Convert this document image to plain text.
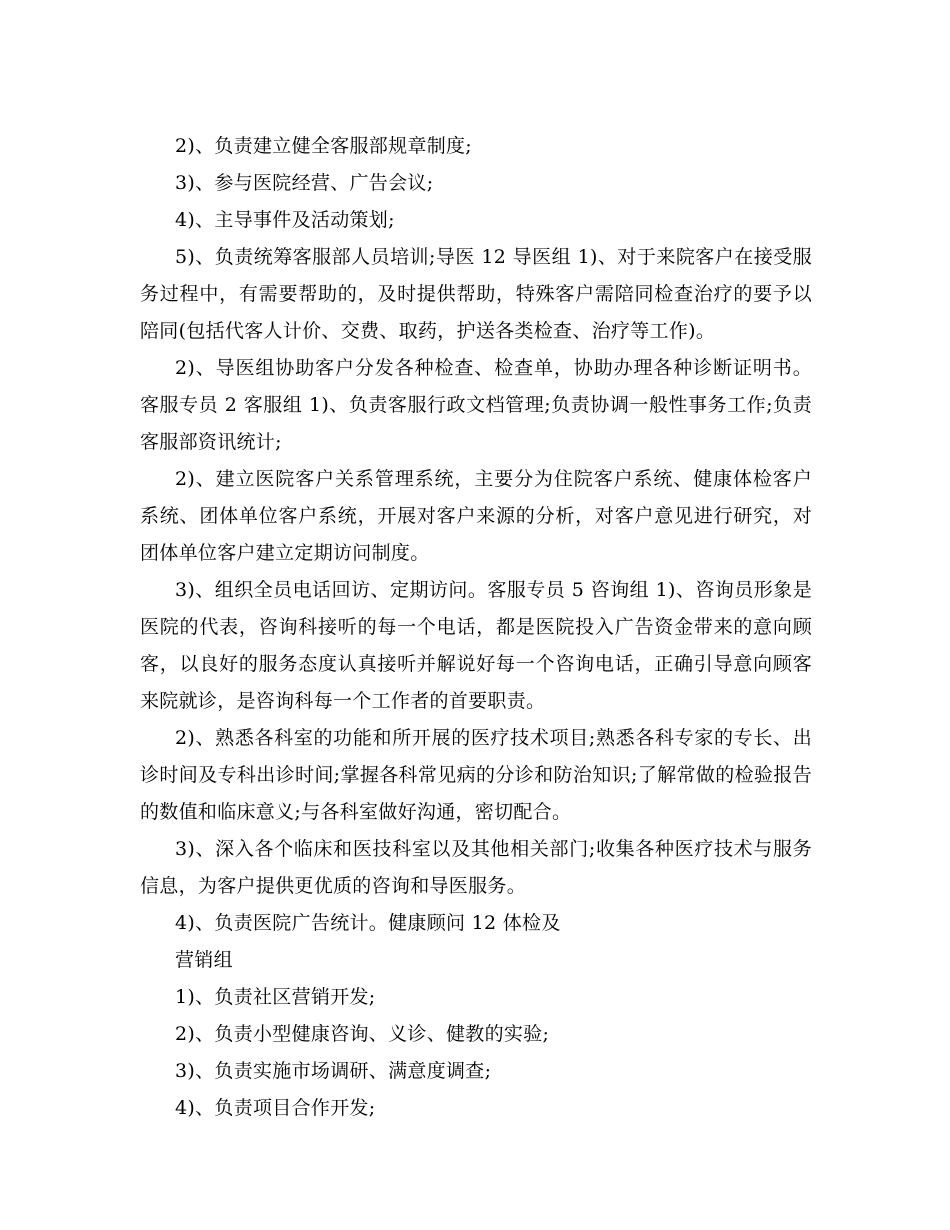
2)、负责建立健全客服部规章制度;

3)、参与医院经营、广告会议;

4)、主导事件及活动策划;

5)、负责统筹客服部人员培训;导医 12 导医组 1)、对于来院客户在接受服务过程中，有需要帮助的，及时提供帮助，特殊客户需陪同检查治疗的要予以陪同(包括代客人计价、交费、取药，护送各类检查、治疗等工作)。

2)、导医组协助客户分发各种检查、检查单，协助办理各种诊断证明书。客服专员 2 客服组 1)、负责客服行政文档管理;负责协调一般性事务工作;负责客服部资讯统计;

2)、建立医院客户关系管理系统，主要分为住院客户系统、健康体检客户系统、团体单位客户系统，开展对客户来源的分析，对客户意见进行研究，对团体单位客户建立定期访问制度。

3)、组织全员电话回访、定期访问。客服专员 5 咨询组 1)、咨询员形象是医院的代表，咨询科接听的每一个电话，都是医院投入广告资金带来的意向顾客，以良好的服务态度认真接听并解说好每一个咨询电话，正确引导意向顾客来院就诊，是咨询科每一个工作者的首要职责。

2)、熟悉各科室的功能和所开展的医疗技术项目;熟悉各科专家的专长、出诊时间及专科出诊时间;掌握各科常见病的分诊和防治知识;了解常做的检验报告的数值和临床意义;与各科室做好沟通，密切配合。

3)、深入各个临床和医技科室以及其他相关部门;收集各种医疗技术与服务信息，为客户提供更优质的咨询和导医服务。

4)、负责医院广告统计。健康顾问 12 体检及

营销组

1)、负责社区营销开发;

2)、负责小型健康咨询、义诊、健教的实验;

3)、负责实施市场调研、满意度调查;

4)、负责项目合作开发;
